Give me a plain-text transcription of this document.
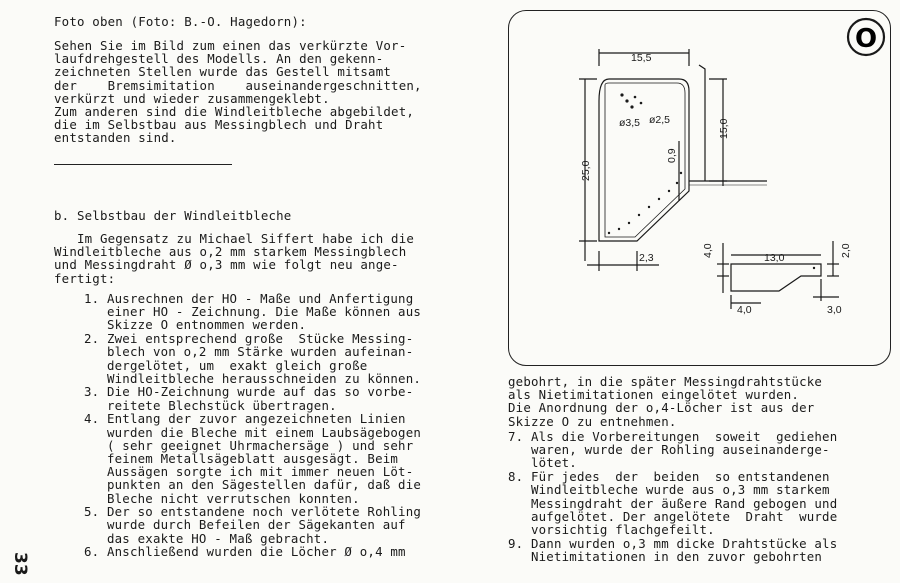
Foto oben (Foto: B.-O. Hagedorn):
Sehen Sie im Bild zum einen das verkürzte Vor-
laufdrehgestell des Modells. An den gekenn-
zeichneten Stellen wurde das Gestell mitsamt
der    Bremsimitation    auseinandergeschnitten,
verkürzt und wieder zusammengeklebt.
Zum anderen sind die Windleitbleche abgebildet,
die im Selbstbau aus Messingblech und Draht
entstanden sind.
b. Selbstbau der Windleitbleche
Im Gegensatz zu Michael Siffert habe ich die
Windleitbleche aus o,2 mm starkem Messingblech
und Messingdraht Ø o,3 mm wie folgt neu ange-
fertigt:
1. Ausrechnen der HO - Maße und Anfertigung
einer HO - Zeichnung. Die Maße können aus
Skizze O entnommen werden.
2. Zwei entsprechend große  Stücke Messing-
blech von o,2 mm Stärke wurden aufeinan-
dergelötet, um  exakt gleich große
Windleitbleche herausschneiden zu können.
3. Die HO-Zeichnung wurde auf das so vorbe-
reitete Blechstück übertragen.
4. Entlang der zuvor angezeichneten Linien
wurden die Bleche mit einem Laubsägebogen
( sehr geeignet Uhrmachersäge ) und sehr
feinem Metallsägeblatt ausgesägt. Beim
Aussägen sorgte ich mit immer neuen Löt-
punkten an den Sägestellen dafür, daß die
Bleche nicht verrutschen konnten.
5. Der so entstandene noch verlötete Rohling
wurde durch Befeilen der Sägekanten auf
das exakte HO - Maß gebracht.
6. Anschließend wurden die Löcher Ø o,4 mm
O
15,5
25,0
15,0
ø3,5 ø2,5
0,9
2,3	13,0
4,0	2,0
4,0	3,0
gebohrt, in die später Messingdrahtstücke
als Nietimitationen eingelötet wurden.
Die Anordnung der o,4-Löcher ist aus der
Skizze O zu entnehmen.
7. Als die Vorbereitungen  soweit  gediehen
waren, wurde der Rohling auseinanderge-
lötet.
8. Für jedes  der  beiden  so entstandenen
Windleitbleche wurde aus o,3 mm starkem
Messingdraht der äußere Rand gebogen und
aufgelötet. Der angelötete  Draht  wurde
vorsichtig flachgefeilt.
9. Dann wurden o,3 mm dicke Drahtstücke als
Nietimitationen in den zuvor gebohrten
33
